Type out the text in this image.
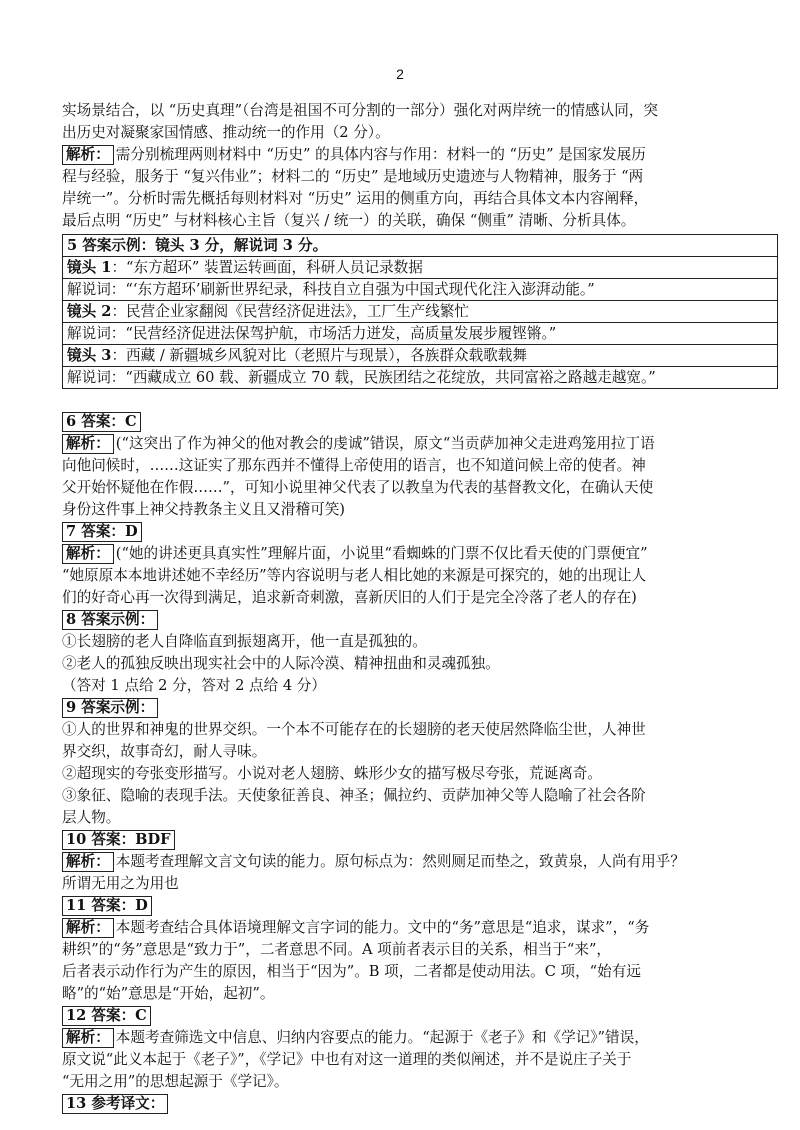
2

实场景结合，以 “历史真理”（台湾是祖国不可分割的一部分）强化对两岸统一的情感认同，突

出历史对凝聚家国情感、推动统一的作用（2 分）。

解析： 需分别梳理两则材料中 “历史” 的具体内容与作用：材料一的 “历史” 是国家发展历

程与经验，服务于 “复兴伟业”；材料二的 “历史” 是地域历史遗迹与人物精神，服务于 “两

岸统一”。分析时需先概括每则材料对 “历史” 运用的侧重方向，再结合具体文本内容阐释，

最后点明 “历史” 与材料核心主旨（复兴 / 统一）的关联，确保 “侧重” 清晰、分析具体。

5 答案示例：镜头 3 分，解说词 3 分。
镜头 1：“东方超环” 装置运转画面，科研人员记录数据
解说词：“‘东方超环’刷新世界纪录，科技自立自强为中国式现代化注入澎湃动能。”
镜头 2：民营企业家翻阅《民营经济促进法》，工厂生产线繁忙
解说词：“民营经济促进法保驾护航，市场活力迸发，高质量发展步履铿锵。”
镜头 3：西藏 / 新疆城乡风貌对比（老照片与现景），各族群众载歌载舞
解说词：“西藏成立 60 载、新疆成立 70 载，民族团结之花绽放，共同富裕之路越走越宽。”

6 答案：C

解析： (“这突出了作为神父的他对教会的虔诚”错误，原文“当贡萨加神父走进鸡笼用拉丁语

向他问候时，……这证实了那东西并不懂得上帝使用的语言，也不知道问候上帝的使者。神

父开始怀疑他在作假……”，可知小说里神父代表了以教皇为代表的基督教文化，在确认天使

身份这件事上神父持教条主义且又滑稽可笑)

7 答案：D

解析： (“她的讲述更具真实性”理解片面，小说里“看蜘蛛的门票不仅比看天使的门票便宜”

“她原原本本地讲述她不幸经历”等内容说明与老人相比她的来源是可探究的，她的出现让人

们的好奇心再一次得到满足，追求新奇刺激，喜新厌旧的人们于是完全冷落了老人的存在)

8 答案示例：

①长翅膀的老人自降临直到振翅离开，他一直是孤独的。

②老人的孤独反映出现实社会中的人际冷漠、精神扭曲和灵魂孤独。

（答对 1 点给 2 分，答对 2 点给 4 分）

9 答案示例：

①人的世界和神鬼的世界交织。一个本不可能存在的长翅膀的老天使居然降临尘世，人神世

界交织，故事奇幻，耐人寻味。

②超现实的夸张变形描写。小说对老人翅膀、蛛形少女的描写极尽夸张，荒诞离奇。

③象征、隐喻的表现手法。天使象征善良、神圣；佩拉约、贡萨加神父等人隐喻了社会各阶

层人物。

10 答案：BDF

解析： 本题考查理解文言文句读的能力。原句标点为：然则厕足而垫之，致黄泉，人尚有用乎？

所谓无用之为用也

11 答案：D

解析： 本题考查结合具体语境理解文言字词的能力。文中的“务”意思是“追求，谋求”，“务

耕织”的“务”意思是“致力于”，二者意思不同。A 项前者表示目的关系，相当于“来”，

后者表示动作行为产生的原因，相当于“因为”。B 项，二者都是使动用法。C 项，“始有远

略”的“始”意思是“开始，起初”。

12 答案：C

解析： 本题考查筛选文中信息、归纳内容要点的能力。“起源于《老子》和《学记》”错误，

原文说“此义本起于《老子》”，《学记》中也有对这一道理的类似阐述，并不是说庄子关于

“无用之用”的思想起源于《学记》。

13 参考译文：
